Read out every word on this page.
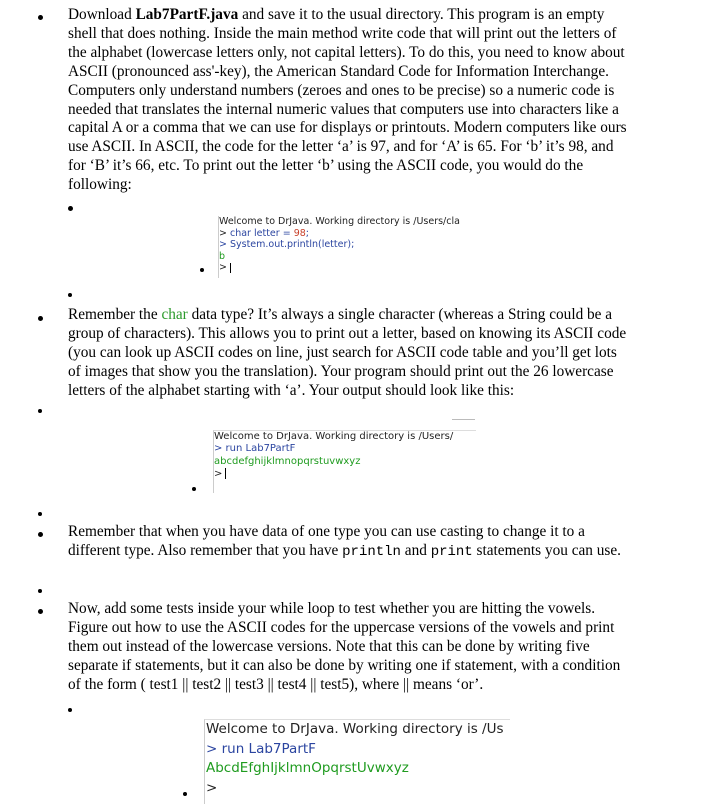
Download Lab7PartF.java and save it to the usual directory. This program is an empty shell that does nothing. Inside the main method write code that will print out the letters of the alphabet (lowercase letters only, not capital letters). To do this, you need to know about ASCII (pronounced ass'-key), the American Standard Code for Information Interchange. Computers only understand numbers (zeroes and ones to be precise) so a numeric code is needed that translates the internal numeric values that computers use into characters like a capital A or a comma that we can use for displays or printouts. Modern computers like ours use ASCII. In ASCII, the code for the letter ‘a’ is 97, and for ‘A’ is 65. For ‘b’ it’s 98, and for ‘B’ it’s 66, etc. To print out the letter ‘b’ using the ASCII code, you would do the following:

Welcome to DrJava. Working directory is /Users/cla
> char letter = 98;
> System.out.println(letter);
b
>

Remember the char data type? It’s always a single character (whereas a String could be a group of characters). This allows you to print out a letter, based on knowing its ASCII code (you can look up ASCII codes on line, just search for ASCII code table and you’ll get lots of images that show you the translation). Your program should print out the 26 lowercase letters of the alphabet starting with ‘a’. Your output should look like this:

Welcome to DrJava. Working directory is /Users/
> run Lab7PartF
abcdefghijklmnopqrstuvwxyz
>

Remember that when you have data of one type you can use casting to change it to a different type. Also remember that you have println and print statements you can use.

Now, add some tests inside your while loop to test whether you are hitting the vowels. Figure out how to use the ASCII codes for the uppercase versions of the vowels and print them out instead of the lowercase versions. Note that this can be done by writing five separate if statements, but it can also be done by writing one if statement, with a condition of the form ( test1 || test2 || test3 || test4 || test5), where || means ‘or’.

Welcome to DrJava. Working directory is /Us
> run Lab7PartF
AbcdEfghIjklmnOpqrstUvwxyz
>
